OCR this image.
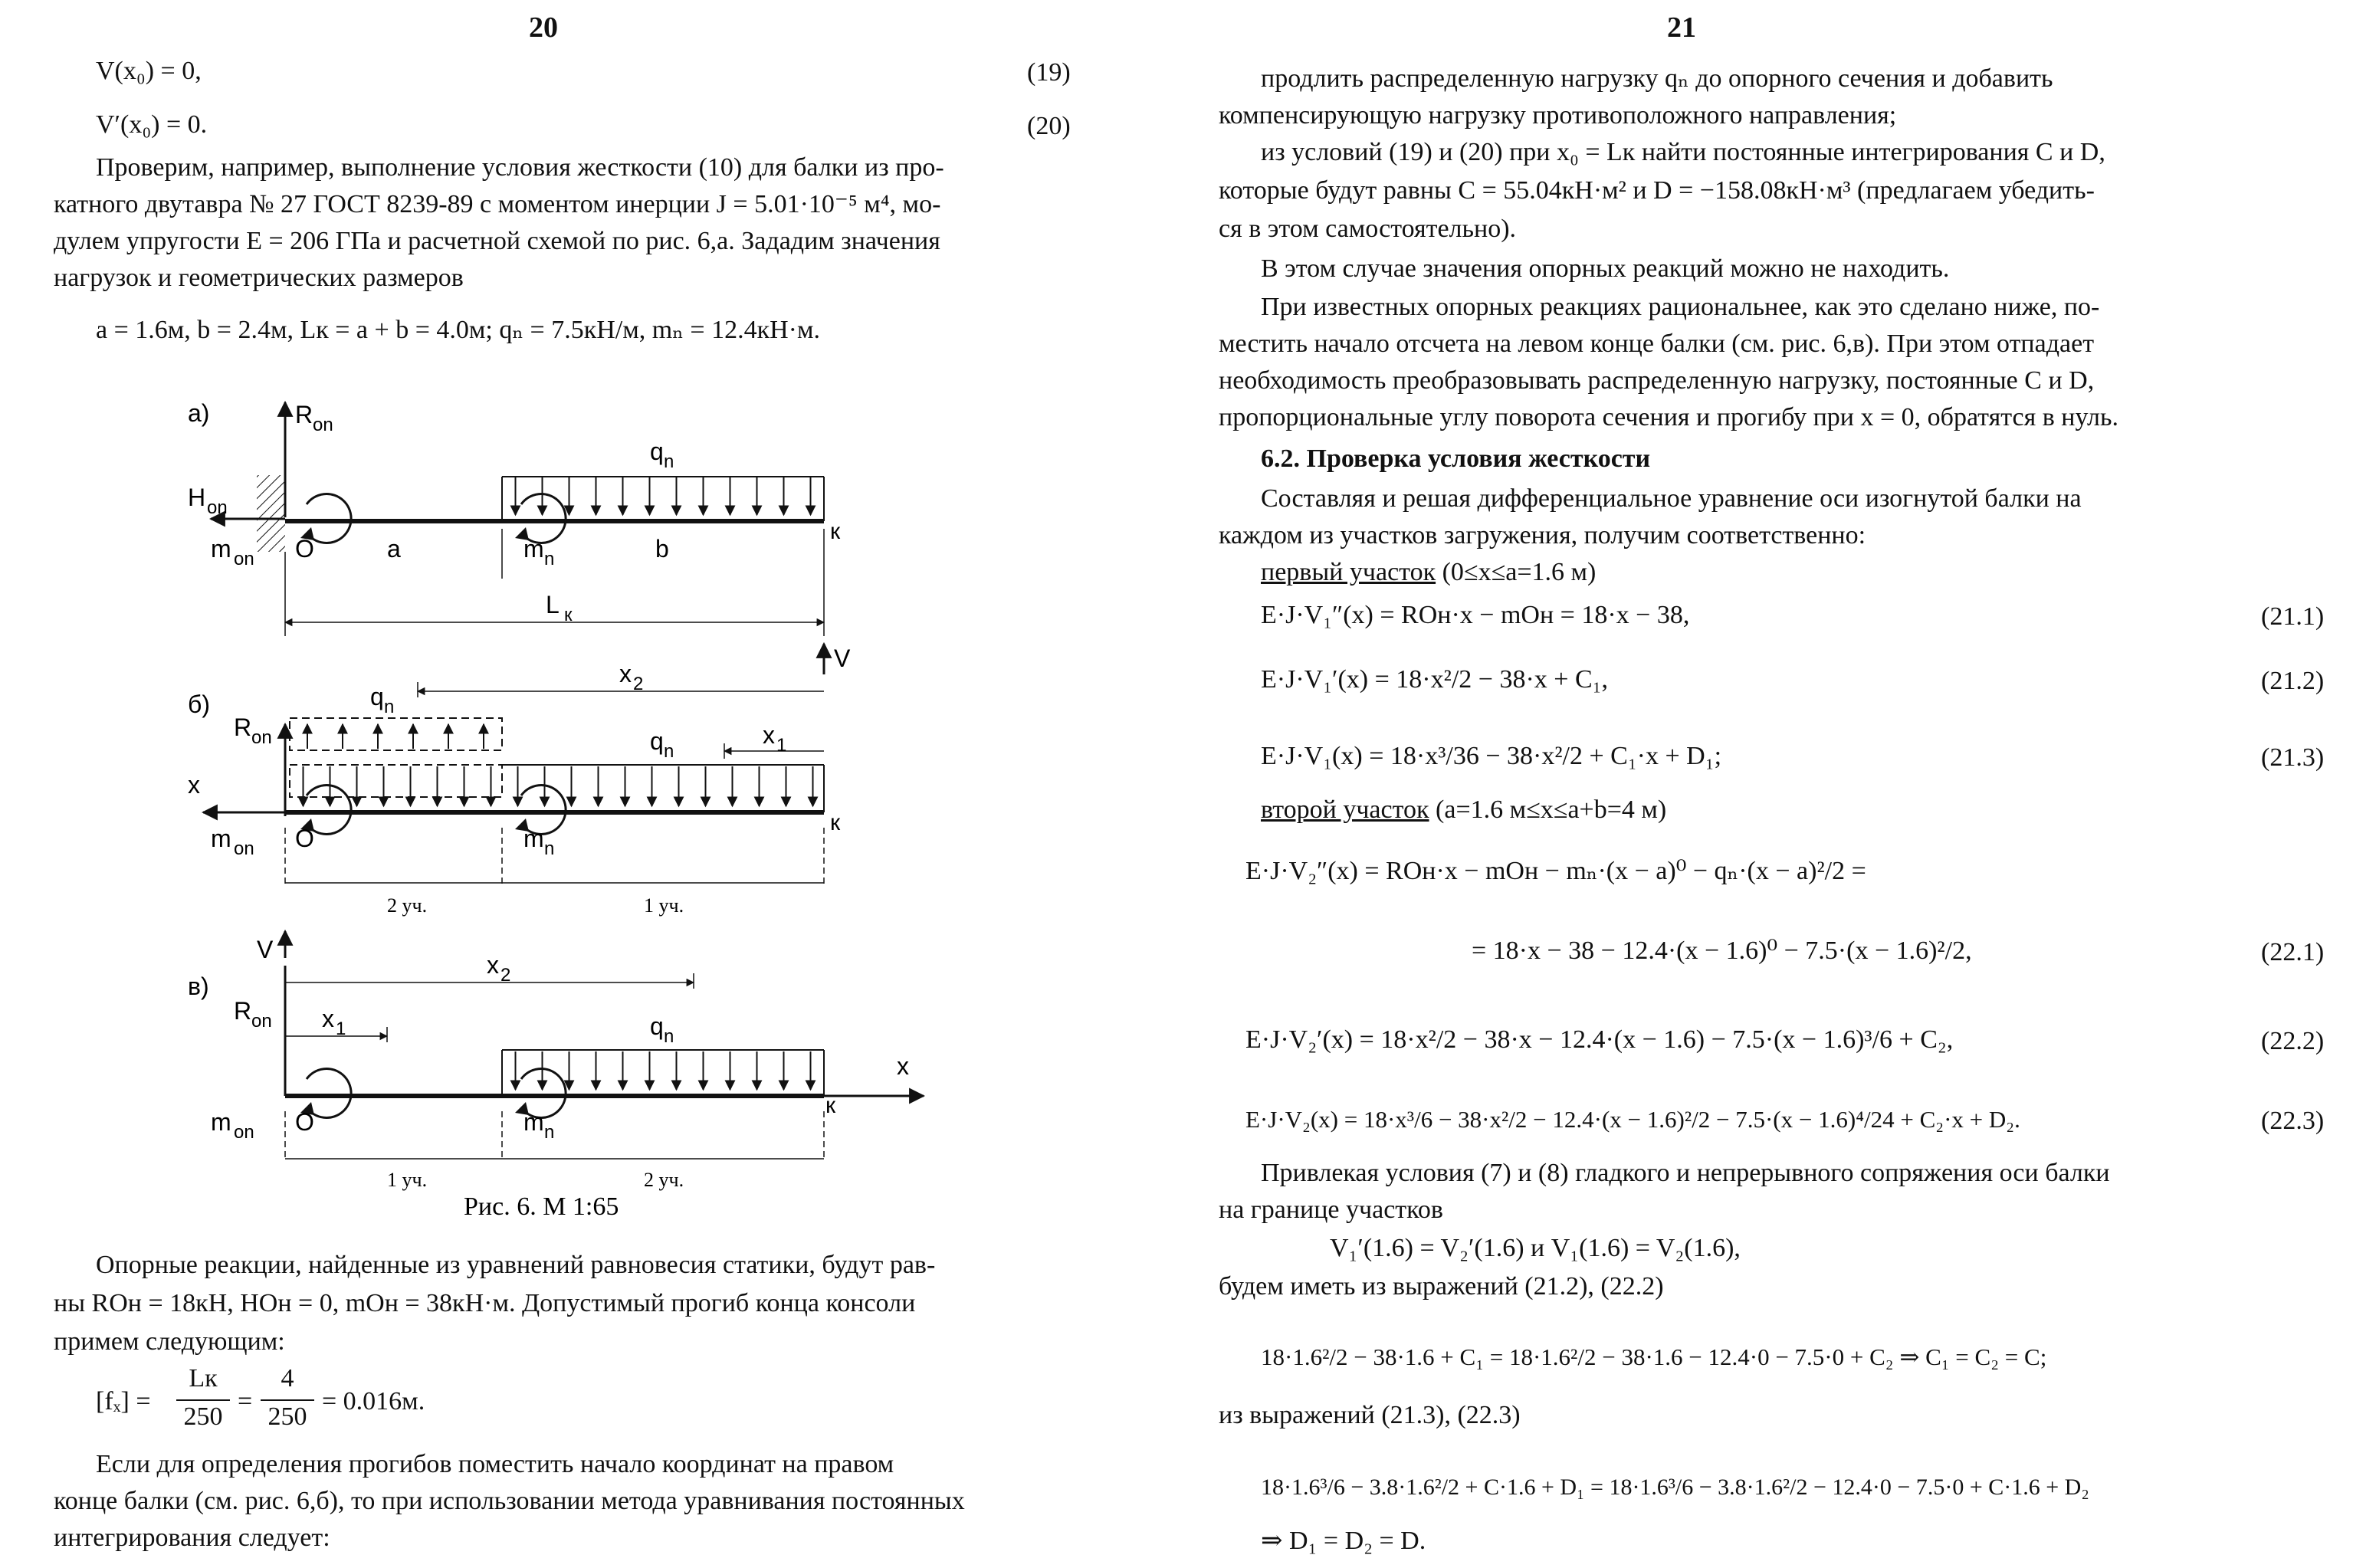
20
V(x₀) = 0,	(19)
V′(x₀) = 0.	(20)
Проверим, например, выполнение условия жесткости (10) для балки из про-
катного двутавра № 27 ГОСТ 8239-89 с моментом инерции J = 5.01·10⁻⁵ м⁴, мо-
дулем упругости E = 206 ГПа и расчетной схемой по рис. 6,а. Зададим значения
нагрузок и геометрических размеров
a = 1.6м, b = 2.4м, Lк = a + b = 4.0м; qₙ = 7.5кН/м, mₙ = 12.4кН·м.
а)	R on
H on
m on O
q n
m n
к
a	b
L к
V
б)
x 2
R on
q n
q n
x 1
x
m on O	m n
к
2 уч.	1 уч.
V
в)
x 2
R on x 1	q n
x
m on O	m n
к
1 уч.	2 уч.
Рис. 6. М 1:65
Опорные реакции, найденные из уравнений равновесия статики, будут рав-
ны RОн = 18кН, HОн = 0, mОн = 38кН·м. Допустимый прогиб конца консоли
примем следующим:
[fₓ] =
Lк
250
=
4
250
= 0.016м.
Если для определения прогибов поместить начало координат на правом
конце балки (см. рис. 6,б), то при использовании метода уравнивания постоянных
интегрирования следует:
21
продлить распределенную нагрузку qₙ до опорного сечения и добавить
компенсирующую нагрузку противоположного направления;
из условий (19) и (20) при x₀ = Lк найти постоянные интегрирования C и D,
которые будут равны C = 55.04кН·м² и D = −158.08кН·м³ (предлагаем убедить-
ся в этом самостоятельно).
В этом случае значения опорных реакций можно не находить.
При известных опорных реакциях рациональнее, как это сделано ниже, по-
местить начало отсчета на левом конце балки (см. рис. 6,в). При этом отпадает
необходимость преобразовывать распределенную нагрузку, постоянные C и D,
пропорциональные углу поворота сечения и прогибу при x = 0, обратятся в нуль.
6.2. Проверка условия жесткости
Составляя и решая дифференциальное уравнение оси изогнутой балки на
каждом из участков загружения, получим соответственно:
первый участок (0≤x≤a=1.6 м)
E·J·V₁″(x) = RОн·x − mОн = 18·x − 38,	(21.1)
E·J·V₁′(x) = 18·x²/2 − 38·x + C₁,	(21.2)
E·J·V₁(x) = 18·x³/36 − 38·x²/2 + C₁·x + D₁;	(21.3)
второй участок (a=1.6 м≤x≤a+b=4 м)
E·J·V₂″(x) = RОн·x − mОн − mₙ·(x − a)⁰ − qₙ·(x − a)²/2 =
= 18·x − 38 − 12.4·(x − 1.6)⁰ − 7.5·(x − 1.6)²/2,	(22.1)
E·J·V₂′(x) = 18·x²/2 − 38·x − 12.4·(x − 1.6) − 7.5·(x − 1.6)³/6 + C₂,	(22.2)
E·J·V₂(x) = 18·x³/6 − 38·x²/2 − 12.4·(x − 1.6)²/2 − 7.5·(x − 1.6)⁴/24 + C₂·x + D₂.	(22.3)
Привлекая условия (7) и (8) гладкого и непрерывного сопряжения оси балки
на границе участков
V₁′(1.6) = V₂′(1.6) и V₁(1.6) = V₂(1.6),
будем иметь из выражений (21.2), (22.2)
18·1.6²/2 − 38·1.6 + C₁ = 18·1.6²/2 − 38·1.6 − 12.4·0 − 7.5·0 + C₂ ⇒ C₁ = C₂ = C;
из выражений (21.3), (22.3)
18·1.6³/6 − 3.8·1.6²/2 + C·1.6 + D₁ = 18·1.6³/6 − 3.8·1.6²/2 − 12.4·0 − 7.5·0 + C·1.6 + D₂
⇒ D₁ = D₂ = D.
